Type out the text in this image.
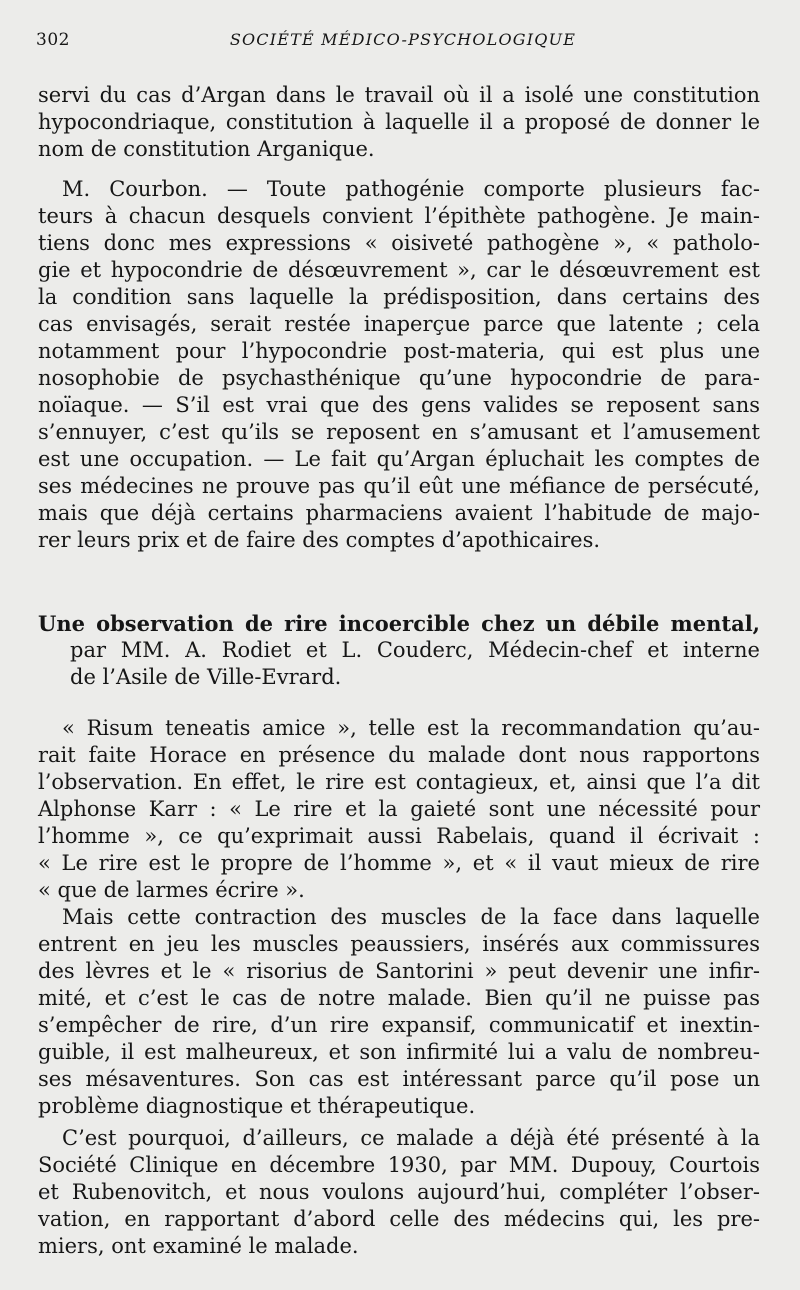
302	SOCIÉTÉ MÉDICO-PSYCHOLOGIQUE
servi du cas d’Argan dans le travail où il a isolé une constitution
hypocondriaque, constitution à laquelle il a proposé de donner le
nom de constitution Arganique.
M. Courbon. — Toute pathogénie comporte plusieurs fac-
teurs à chacun desquels convient l’épithète pathogène. Je main-
tiens donc mes expressions « oisiveté pathogène », « patholo-
gie et hypocondrie de désœuvrement », car le désœuvrement est
la condition sans laquelle la prédisposition, dans certains des
cas envisagés, serait restée inaperçue parce que latente ; cela
notamment pour l’hypocondrie post-materia, qui est plus une
nosophobie de psychasthénique qu’une hypocondrie de para-
noïaque. — S’il est vrai que des gens valides se reposent sans
s’ennuyer, c’est qu’ils se reposent en s’amusant et l’amusement
est une occupation. — Le fait qu’Argan épluchait les comptes de
ses médecines ne prouve pas qu’il eût une méfiance de persécuté,
mais que déjà certains pharmaciens avaient l’habitude de majo-
rer leurs prix et de faire des comptes d’apothicaires.
Une observation de rire incoercible chez un débile mental,
par MM. A. Rodiet et L. Couderc, Médecin-chef et interne
de l’Asile de Ville-Evrard.
« Risum teneatis amice », telle est la recommandation qu’au-
rait faite Horace en présence du malade dont nous rapportons
l’observation. En effet, le rire est contagieux, et, ainsi que l’a dit
Alphonse Karr : « Le rire et la gaieté sont une nécessité pour
l’homme », ce qu’exprimait aussi Rabelais, quand il écrivait :
« Le rire est le propre de l’homme », et « il vaut mieux de rire
« que de larmes écrire ».
Mais cette contraction des muscles de la face dans laquelle
entrent en jeu les muscles peaussiers, insérés aux commissures
des lèvres et le « risorius de Santorini » peut devenir une infir-
mité, et c’est le cas de notre malade. Bien qu’il ne puisse pas
s’empêcher de rire, d’un rire expansif, communicatif et inextin-
guible, il est malheureux, et son infirmité lui a valu de nombreu-
ses mésaventures. Son cas est intéressant parce qu’il pose un
problème diagnostique et thérapeutique.
C’est pourquoi, d’ailleurs, ce malade a déjà été présenté à la
Société Clinique en décembre 1930, par MM. Dupouy, Courtois
et Rubenovitch, et nous voulons aujourd’hui, compléter l’obser-
vation, en rapportant d’abord celle des médecins qui, les pre-
miers, ont examiné le malade.
